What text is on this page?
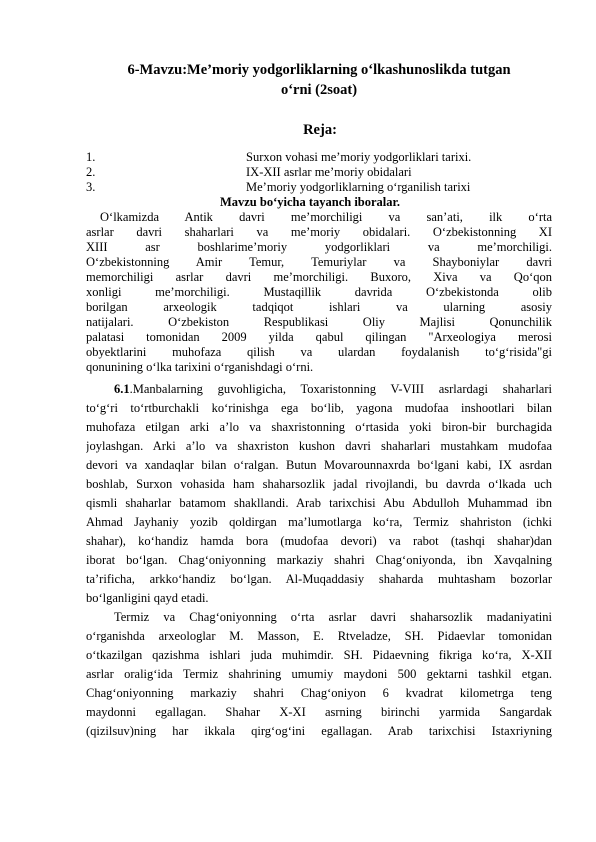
6-Mavzu:Me’moriy yodgorliklarning o‘lkashunoslikda tutgan
o‘rni (2soat)
Reja:
1.	Surxon vohasi me’moriy yodgorliklari tarixi.
2.	IX-XII asrlar me’moriy obidalari
3.	Me’moriy yodgorliklarning o‘rganilish tarixi
Mavzu bo‘yicha tayanch iboralar.
O‘lkamizda Antik davri me’morchiligi va san’ati, ilk o‘rta
asrlar davri shaharlari va me’moriy obidalari. O‘zbekistonning XI
XIII asr boshlarime’moriy yodgorliklari va me’morchiligi.
O‘zbekistonning Amir Temur, Temuriylar va Shayboniylar davri
memorchiligi asrlar davri me’morchiligi. Buxoro, Xiva va Qo‘qon
xonligi me’morchiligi. Mustaqillik davrida O‘zbekistonda olib
borilgan arxeologik tadqiqot ishlari va ularning asosiy
natijalari. O‘zbekiston Respublikasi Oliy Majlisi Qonunchilik
palatasi tomonidan 2009 yilda qabul qilingan "Arxeologiya merosi
obyektlarini muhofaza qilish va ulardan foydalanish to‘g‘risida"gi
qonunining o‘lka tarixini o‘rganishdagi o‘rni.
6.1.Manbalarning guvohligicha, Toxaristonning V-VIII asrlardagi shaharlari
to‘g‘ri to‘rtburchakli ko‘rinishga ega bo‘lib, yagona mudofaa inshootlari bilan
muhofaza etilgan arki a’lo va shaxristonning o‘rtasida yoki biron-bir burchagida
joylashgan. Arki a’lo va shaxriston kushon davri shaharlari mustahkam mudofaa
devori va xandaqlar bilan o‘ralgan. Butun Movarounnaxrda bo‘lgani kabi, IX asrdan
boshlab, Surxon vohasida ham shaharsozlik jadal rivojlandi, bu davrda o‘lkada uch
qismli shaharlar batamom shakllandi. Arab tarixchisi Abu Abdulloh Muhammad ibn
Ahmad Jayhaniy yozib qoldirgan ma’lumotlarga ko‘ra, Termiz shahriston (ichki
shahar), ko‘handiz hamda bora (mudofaa devori) va rabot (tashqi shahar)dan
iborat bo‘lgan. Chag‘oniyonning markaziy shahri Chag‘oniyonda, ibn Xavqalning
ta’rificha, arkko‘handiz bo‘lgan. Al-Muqaddasiy shaharda muhtasham bozorlar
bo‘lganligini qayd etadi.
Termiz va Chag‘oniyonning o‘rta asrlar davri shaharsozlik madaniyatini
o‘rganishda arxeologlar M. Masson, E. Rtveladze, SH. Pidaevlar tomonidan
o‘tkazilgan qazishma ishlari juda muhimdir. SH. Pidaevning fikriga ko‘ra, X-XII
asrlar oralig‘ida Termiz shahrining umumiy maydoni 500 gektarni tashkil etgan.
Chag‘oniyonning markaziy shahri Chag‘oniyon 6 kvadrat kilometrga teng
maydonni egallagan. Shahar X-XI asrning birinchi yarmida Sangardak
(qizilsuv)ning har ikkala qirg‘og‘ini egallagan. Arab tarixchisi Istaxriyning
